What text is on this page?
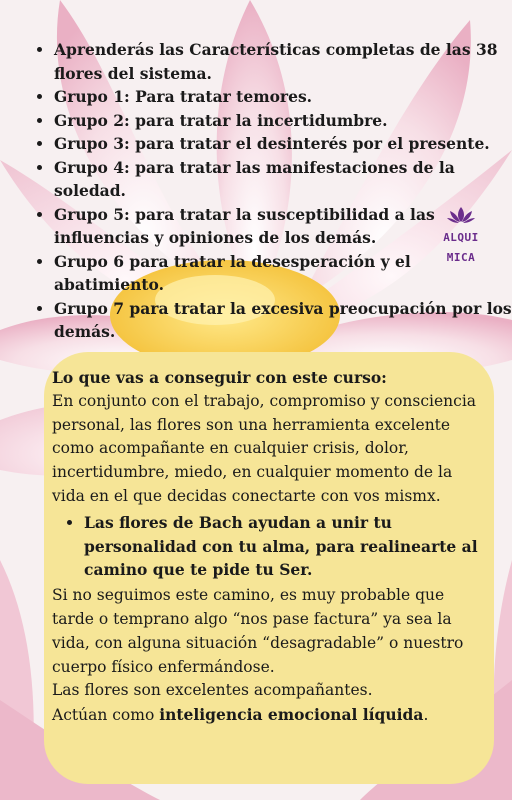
• Aprenderás las Características completas de las 38 flores del sistema.
• Grupo 1: Para tratar temores.
• Grupo 2: para tratar la incertidumbre.
• Grupo 3: para tratar el desinterés por el presente.
• Grupo 4: para tratar las manifestaciones de la soledad.
• Grupo 5: para tratar la susceptibilidad a las influencias y opiniones de los demás.
• Grupo 6 para tratar la desesperación y el abatimiento.
• Grupo 7 para tratar la excesiva preocupación por los demás.
ALQUI
MICA

Lo que vas a conseguir con este curso:

En conjunto con el trabajo, compromiso y consciencia personal, las flores son una herramienta excelente como acompañante en cualquier crisis, dolor, incertidumbre, miedo, en cualquier momento de la vida en el que decidas conectarte con vos mismx.

• Las flores de Bach ayudan a unir tu personalidad con tu alma, para realinearte al camino que te pide tu Ser.

Si no seguimos este camino, es muy probable que tarde o temprano algo “nos pase factura” ya sea la vida, con alguna situación “desagradable” o nuestro cuerpo físico enfermándose.

Las flores son excelentes acompañantes.

Actúan como inteligencia emocional líquida.
